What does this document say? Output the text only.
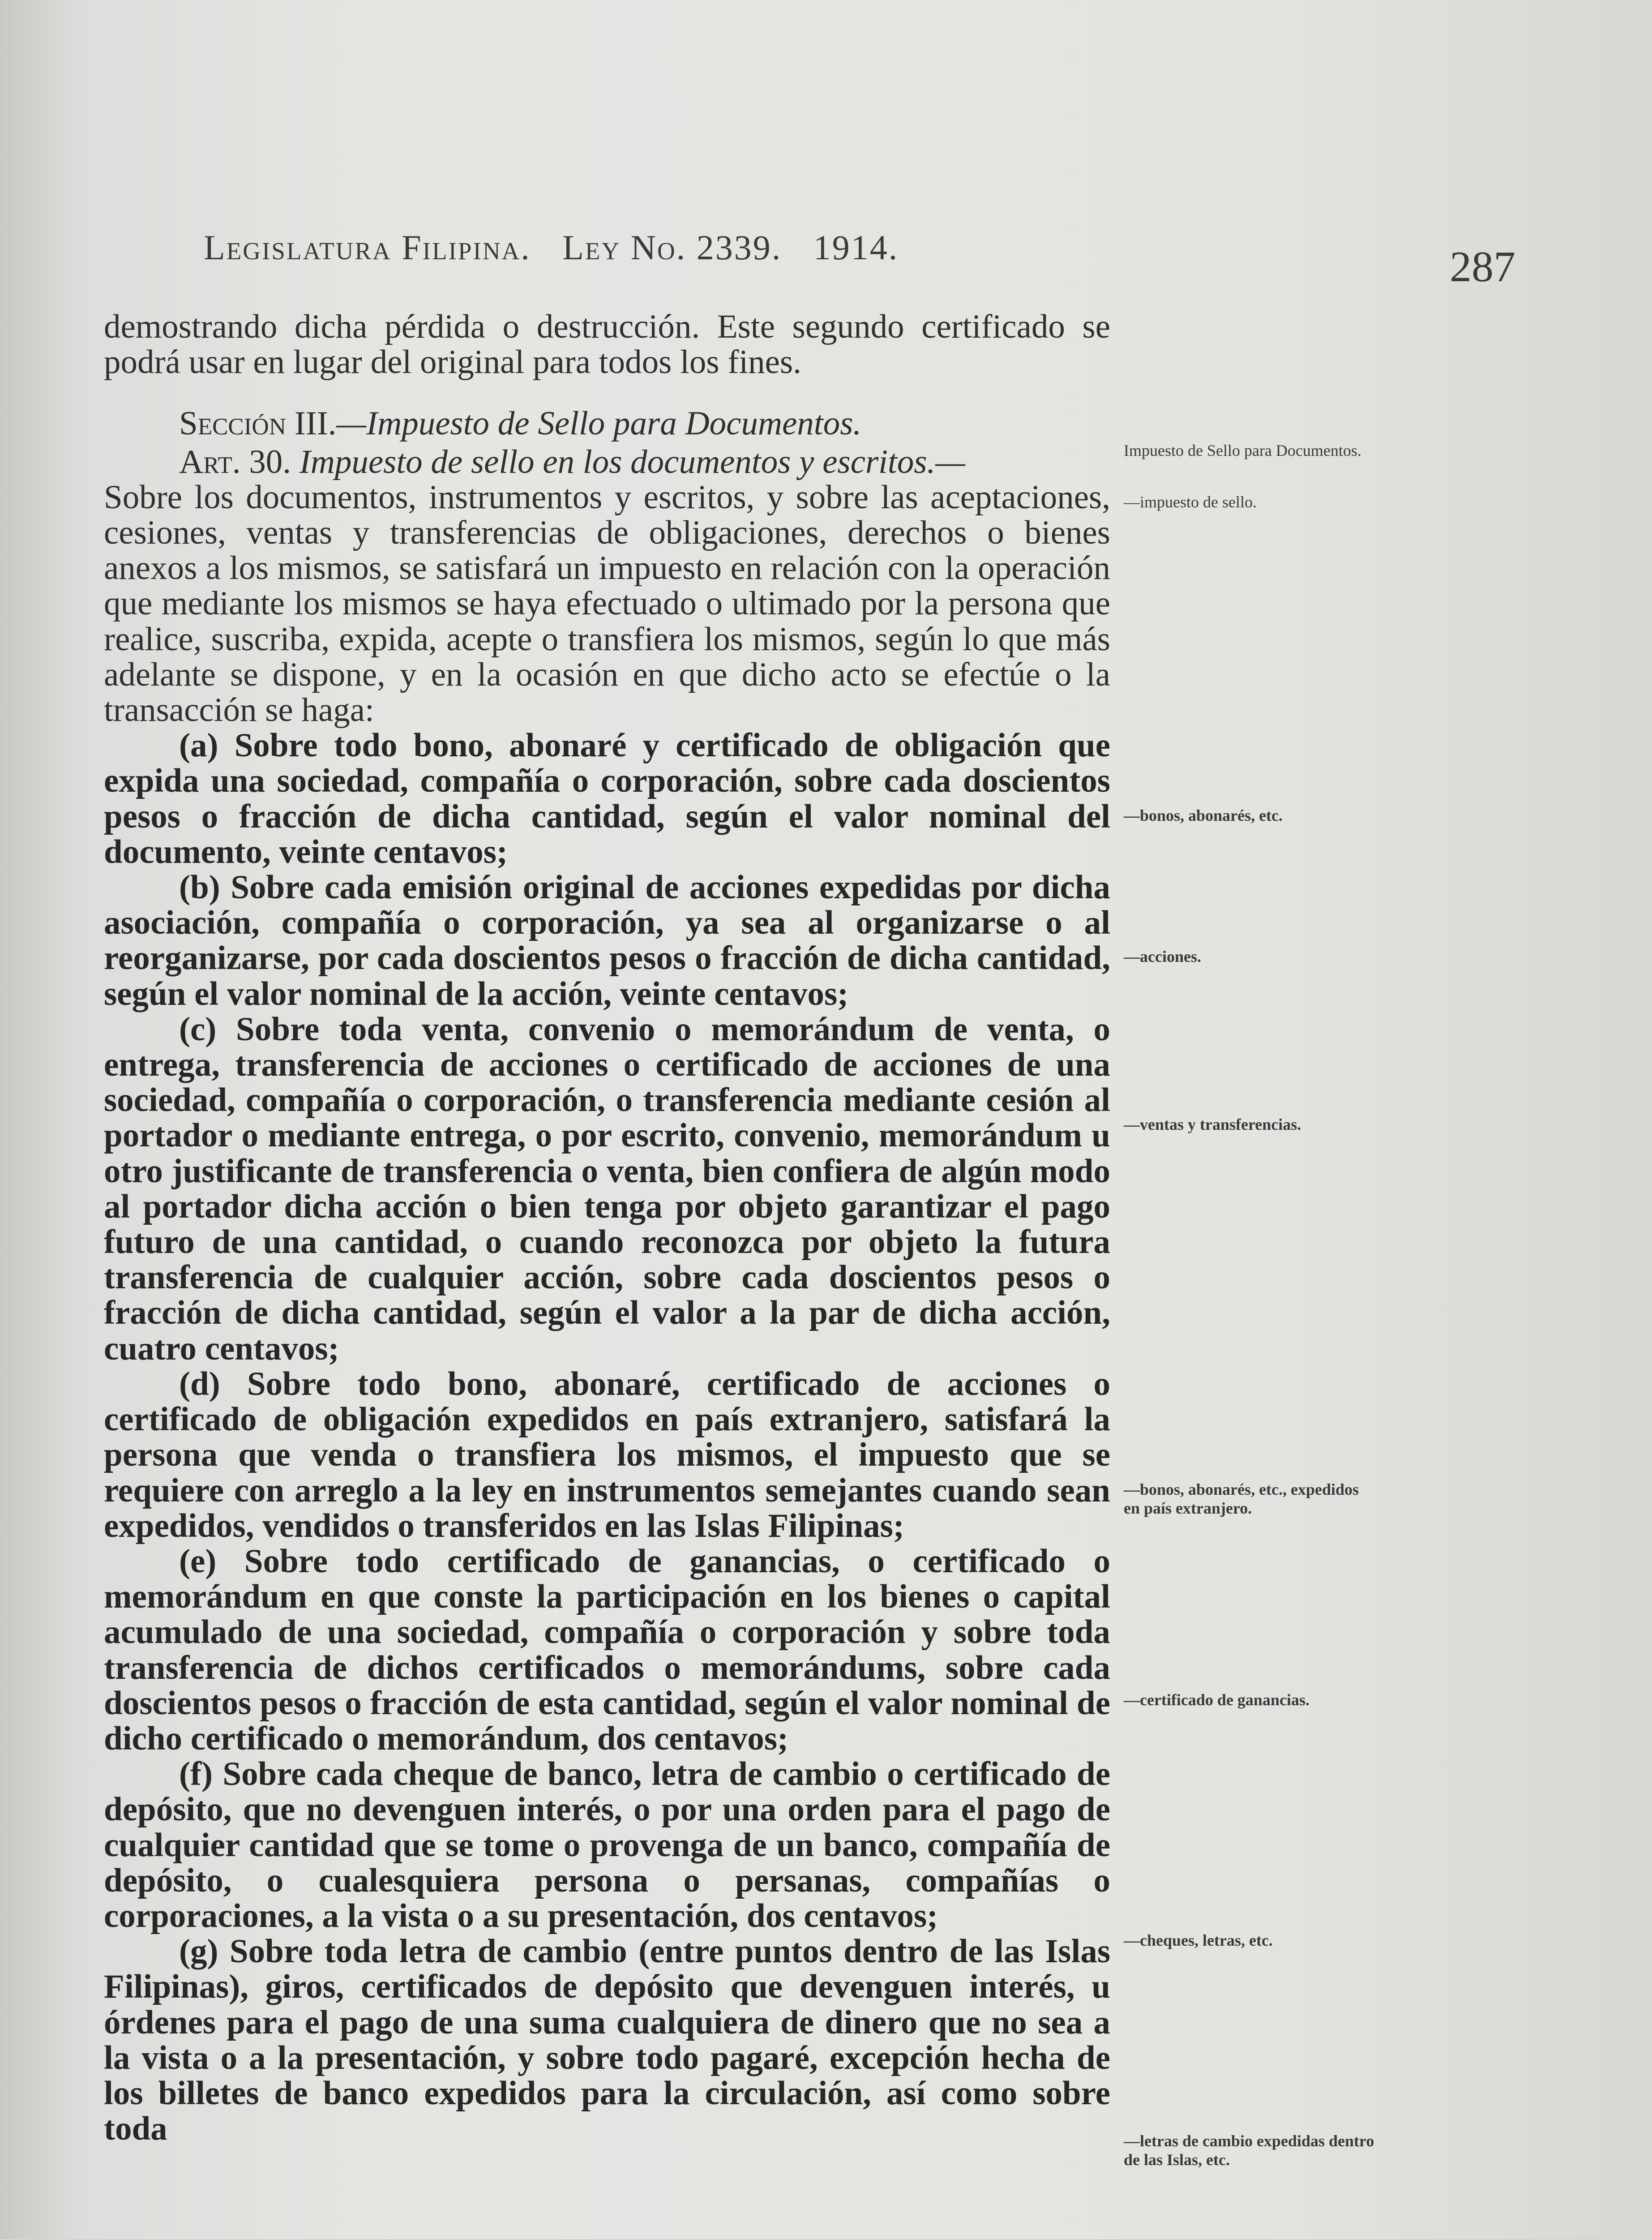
Legislatura Filipina. Ley No. 2339. 1914.	287

demostrando dicha pérdida o destrucción. Este segundo certificado se podrá usar en lugar del original para todos los fines.

Sección III.—Impuesto de Sello para Documentos.

Art. 30. Impuesto de sello en los documentos y escritos.—

Sobre los documentos, instrumentos y escritos, y sobre las aceptaciones, cesiones, ventas y transferencias de obligaciones, derechos o bienes anexos a los mismos, se satisfará un impuesto en relación con la operación que mediante los mismos se haya efectuado o ultimado por la persona que realice, suscriba, expida, acepte o transfiera los mismos, según lo que más adelante se dispone, y en la ocasión en que dicho acto se efectúe o la transacción se haga:

(a) Sobre todo bono, abonaré y certificado de obligación que expida una sociedad, compañía o corporación, sobre cada doscientos pesos o fracción de dicha cantidad, según el valor nominal del documento, veinte centavos;

(b) Sobre cada emisión original de acciones expedidas por dicha asociación, compañía o corporación, ya sea al organizarse o al reorganizarse, por cada doscientos pesos o fracción de dicha cantidad, según el valor nominal de la acción, veinte centavos;

(c) Sobre toda venta, convenio o memorándum de venta, o entrega, transferencia de acciones o certificado de acciones de una sociedad, compañía o corporación, o transferencia mediante cesión al portador o mediante entrega, o por escrito, convenio, memorándum u otro justificante de transferencia o venta, bien confiera de algún modo al portador dicha acción o bien tenga por objeto garantizar el pago futuro de una cantidad, o cuando reconozca por objeto la futura transferencia de cualquier acción, sobre cada doscientos pesos o fracción de dicha cantidad, según el valor a la par de dicha acción, cuatro centavos;

(d) Sobre todo bono, abonaré, certificado de acciones o certificado de obligación expedidos en país extranjero, satisfará la persona que venda o transfiera los mismos, el impuesto que se requiere con arreglo a la ley en instrumentos semejantes cuando sean expedidos, vendidos o transferidos en las Islas Filipinas;

(e) Sobre todo certificado de ganancias, o certificado o memorándum en que conste la participación en los bienes o capital acumulado de una sociedad, compañía o corporación y sobre toda transferencia de dichos certificados o memorándums, sobre cada doscientos pesos o fracción de esta cantidad, según el valor nominal de dicho certificado o memorándum, dos centavos;

(f) Sobre cada cheque de banco, letra de cambio o certificado de depósito, que no devenguen interés, o por una orden para el pago de cualquier cantidad que se tome o provenga de un banco, compañía de depósito, o cualesquiera persona o persanas, compañías o corporaciones, a la vista o a su presentación, dos centavos;

(g) Sobre toda letra de cambio (entre puntos dentro de las Islas Filipinas), giros, certificados de depósito que devenguen interés, u órdenes para el pago de una suma cualquiera de dinero que no sea a la vista o a la presentación, y sobre todo pagaré, excepción hecha de los billetes de banco expedidos para la circulación, así como sobre toda

Impuesto de Sello para Documentos.
—impuesto de sello.
—bonos, abonarés, etc.
—acciones.
—ventas y transferencias.
—bonos, abonarés, etc., expedidos en país extranjero.
—certificado de ganancias.
—cheques, letras, etc.
—letras de cambio expedidas dentro de las Islas, etc.
